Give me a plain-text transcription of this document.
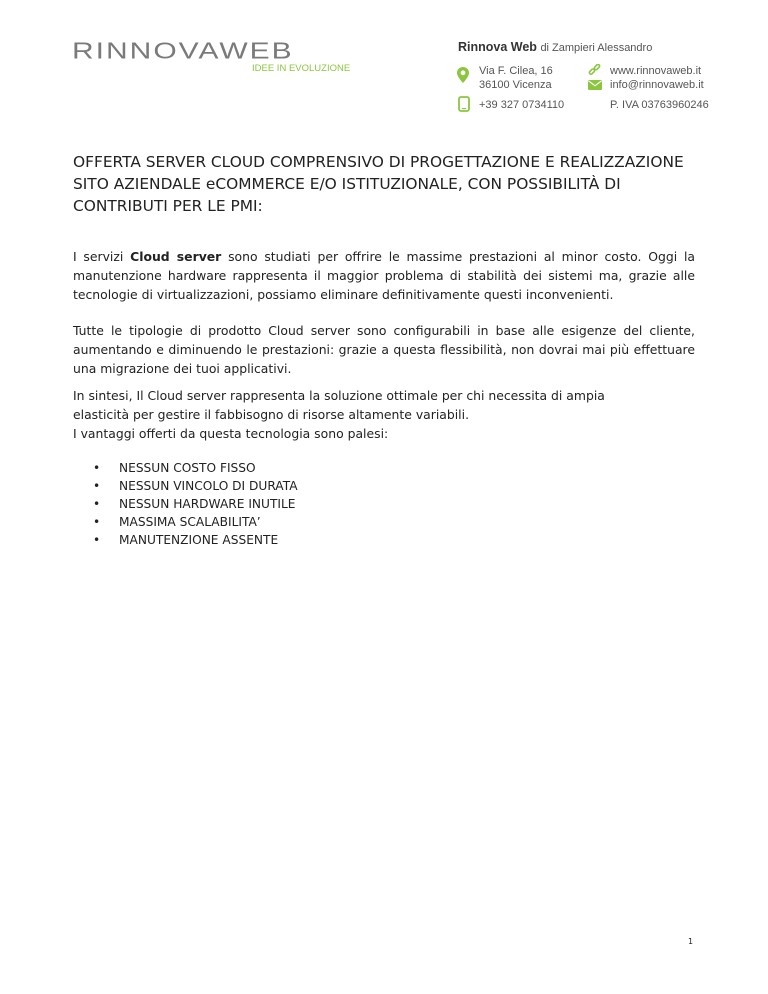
RINNOVAWEB
IDEE IN EVOLUZIONE
Rinnova Web di Zampieri Alessandro
Via F. Cilea, 16
36100 Vicenza
www.rinnovaweb.it
info@rinnovaweb.it
+39 327 0734110	P. IVA 03763960246
OFFERTA SERVER CLOUD COMPRENSIVO DI PROGETTAZIONE E REALIZZAZIONE SITO AZIENDALE eCOMMERCE E/O ISTITUZIONALE, CON POSSIBILITÀ DI CONTRIBUTI PER LE PMI:

I servizi Cloud server sono studiati per offrire le massime prestazioni al minor costo. Oggi la manutenzione hardware rappresenta il maggior problema di stabilità dei sistemi ma, grazie alle tecnologie di virtualizzazioni, possiamo eliminare definitivamente questi inconvenienti.

Tutte le tipologie di prodotto Cloud server sono configurabili in base alle esigenze del cliente, aumentando e diminuendo le prestazioni: grazie a questa flessibilità, non dovrai mai più effettuare una migrazione dei tuoi applicativi.

In sintesi, Il Cloud server rappresenta la soluzione ottimale per chi necessita di ampia
elasticità per gestire il fabbisogno di risorse altamente variabili.
I vantaggi offerti da questa tecnologia sono palesi:
• NESSUN COSTO FISSO
• NESSUN VINCOLO DI DURATA
• NESSUN HARDWARE INUTILE
• MASSIMA SCALABILITA’
• MANUTENZIONE ASSENTE
1
